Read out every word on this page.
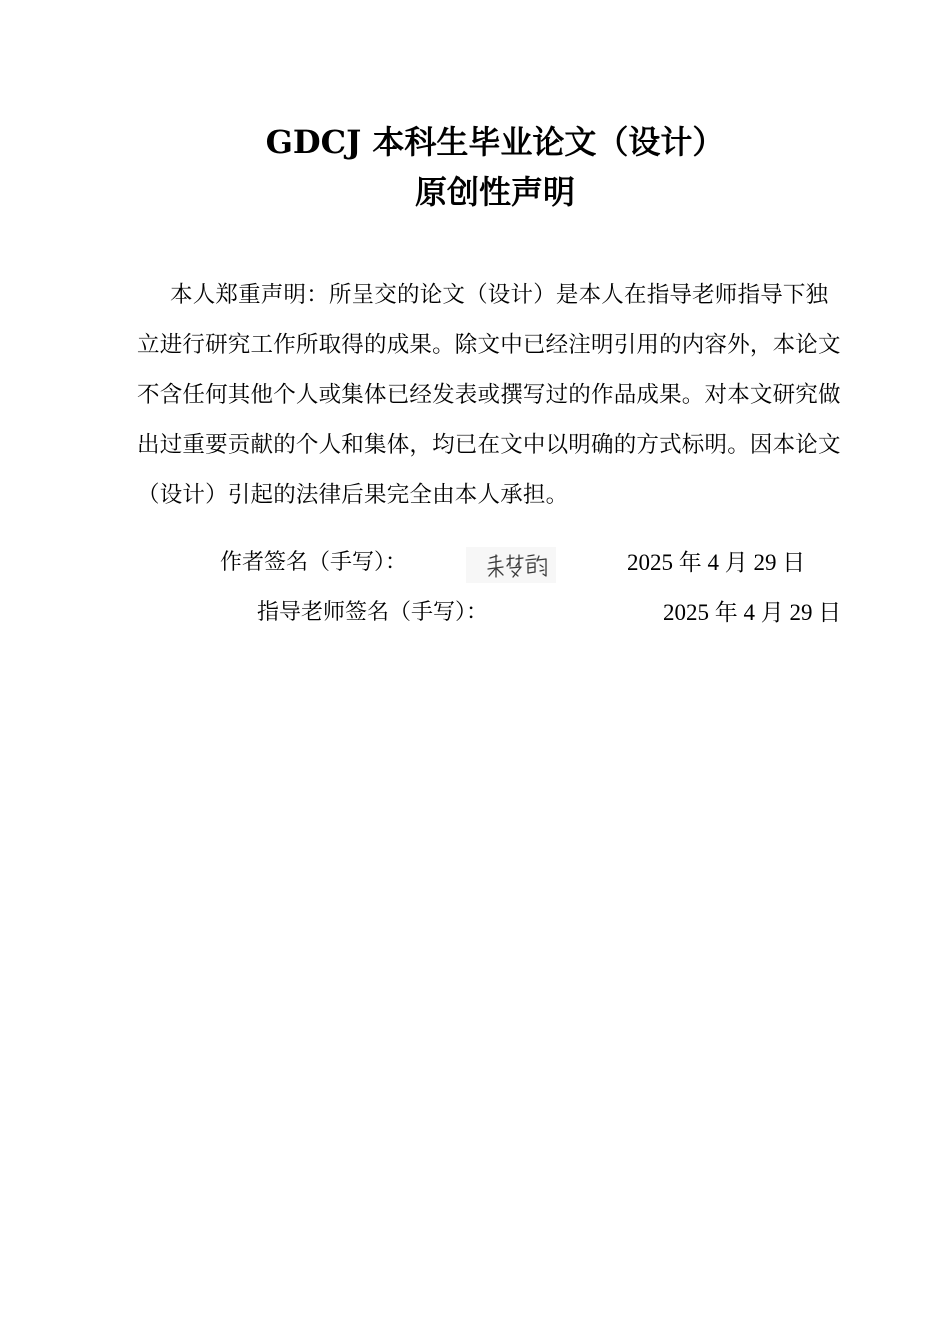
GDCJ 本科生毕业论文（设计）
原创性声明

本人郑重声明：所呈交的论文（设计）是本人在指导老师指导下独立进行研究工作所取得的成果。除文中已经注明引用的内容外，本论文不含任何其他个人或集体已经发表或撰写过的作品成果。对本文研究做出过重要贡献的个人和集体，均已在文中以明确的方式标明。因本论文（设计）引起的法律后果完全由本人承担。

作者签名（手写）：	2025 年 4 月 29 日
指导老师签名（手写）：	2025 年 4 月 29 日
